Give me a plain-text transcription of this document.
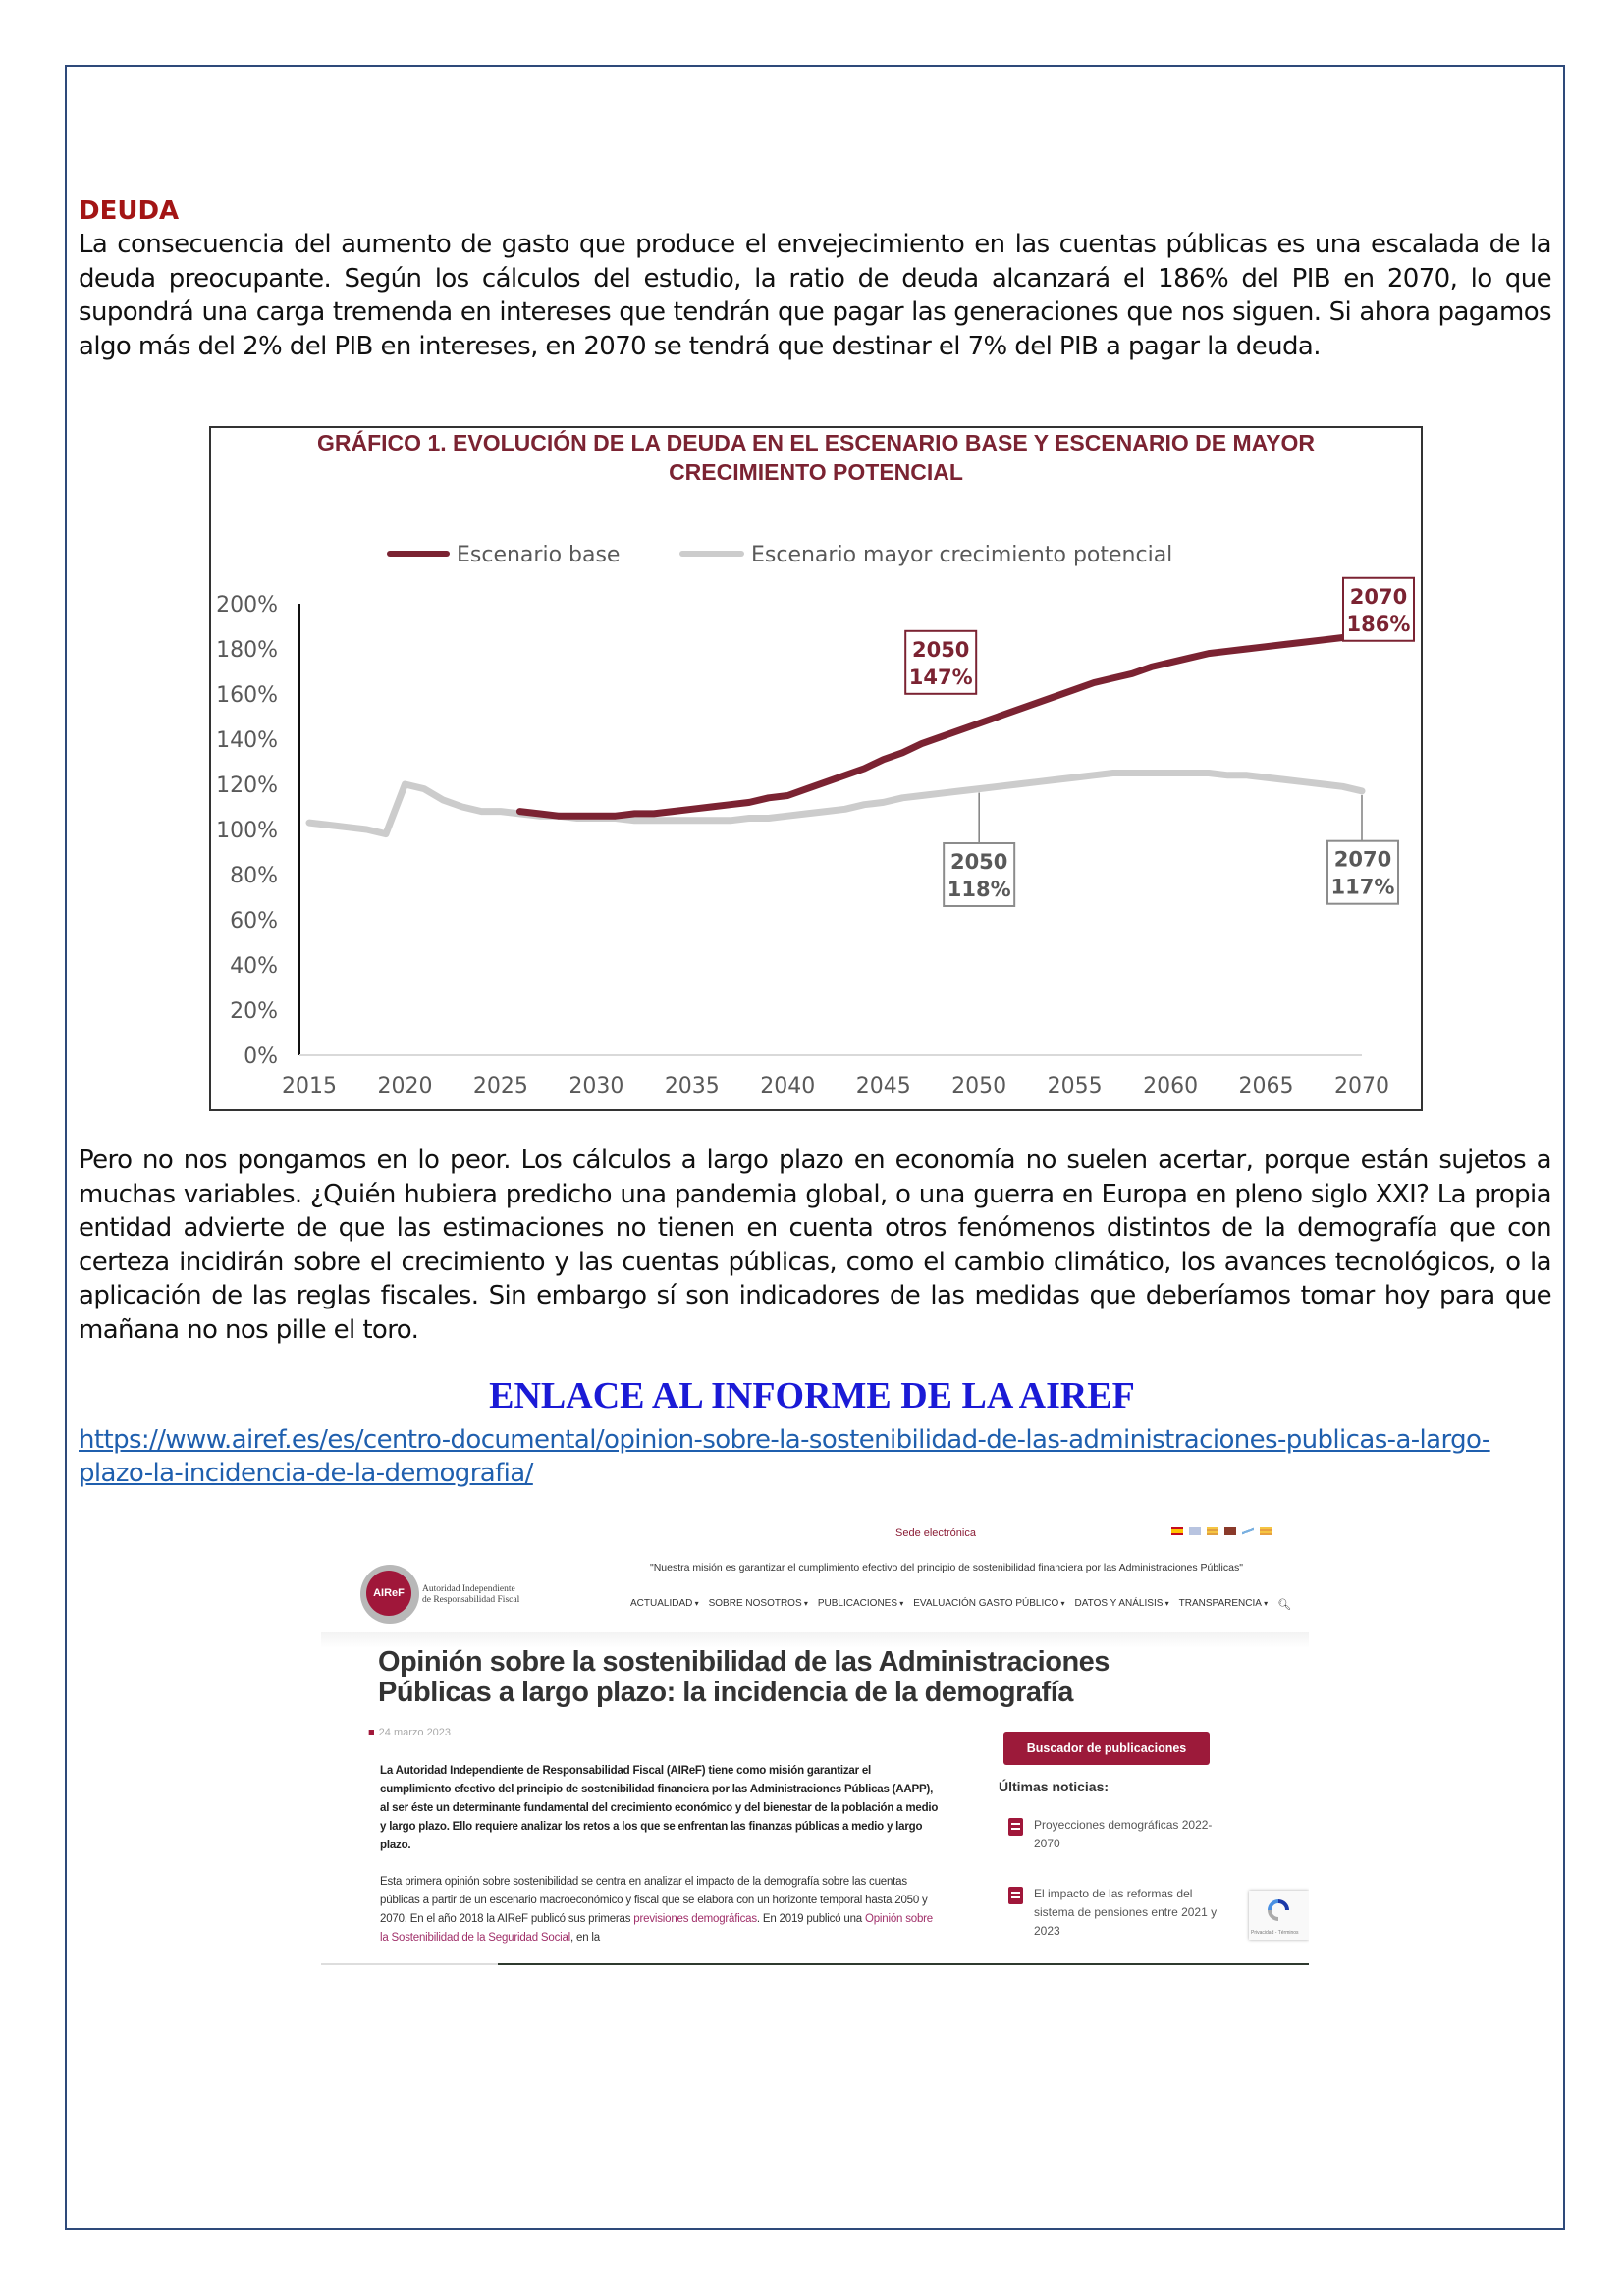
DEUDA
La consecuencia del aumento de gasto que produce el envejecimiento en las cuentas públicas es una escalada de la deuda preocupante. Según los cálculos del estudio, la ratio de deuda alcanzará el 186% del PIB en 2070, lo que supondrá una carga tremenda en intereses que tendrán que pagar las generaciones que nos siguen. Si ahora pagamos algo más del 2% del PIB en intereses, en 2070 se tendrá que destinar el 7% del PIB a pagar la deuda.
GRÁFICO 1. EVOLUCIÓN DE LA DEUDA EN EL ESCENARIO BASE Y ESCENARIO DE MAYOR CRECIMIENTO POTENCIAL
0%
20%
40%
60%
80%
100%
120%
140%
160%
180%
200%
2015 2020 2025 2030 2035 2040 2045 2050 2055 2060 2065 2070
Escenario base	Escenario mayor crecimiento potencial
2050
147%
2070
186%
2050
118%
2070
117%
Pero no nos pongamos en lo peor. Los cálculos a largo plazo en economía no suelen acertar, porque están sujetos a muchas variables. ¿Quién hubiera predicho una pandemia global, o una guerra en Europa en pleno siglo XXI? La propia entidad advierte de que las estimaciones no tienen en cuenta otros fenómenos distintos de la demografía que con certeza incidirán sobre el crecimiento y las cuentas públicas, como el cambio climático, los avances tecnológicos, o la aplicación de las reglas fiscales. Sin embargo sí son indicadores de las medidas que deberíamos tomar hoy para que mañana no nos pille el toro.
ENLACE AL INFORME DE LA AIREF
https://www.airef.es/es/centro-documental/opinion-sobre-la-sostenibilidad-de-las-administraciones-publicas-a-largo-plazo-la-incidencia-de-la-demografia/
Sede electrónica
"Nuestra misión es garantizar el cumplimiento efectivo del principio de sostenibilidad financiera por las Administraciones Públicas"
AIReF	Autoridad Independiente
de Responsabilidad Fiscal	ACTUALIDAD ▾	SOBRE NOSOTROS ▾	PUBLICACIONES ▾	EVALUACIÓN GASTO PÚBLICO ▾	DATOS Y ANÁLISIS ▾	TRANSPARENCIA ▾	🔍︎
Opinión sobre la sostenibilidad de las Administraciones
Públicas a largo plazo: la incidencia de la demografía
■ 24 marzo 2023
La Autoridad Independiente de Responsabilidad Fiscal (AIReF) tiene como misión garantizar el cumplimiento efectivo del principio de sostenibilidad financiera por las Administraciones Públicas (AAPP), al ser éste un determinante fundamental del crecimiento económico y del bienestar de la población a medio y largo plazo. Ello requiere analizar los retos a los que se enfrentan las finanzas públicas a medio y largo plazo.
Esta primera opinión sobre sostenibilidad se centra en analizar el impacto de la demografía sobre las cuentas públicas a partir de un escenario macroeconómico y fiscal que se elabora con un horizonte temporal hasta 2050 y 2070. En el año 2018 la AIReF publicó sus primeras previsiones demográficas. En 2019 publicó una Opinión sobre la Sostenibilidad de la Seguridad Social, en la
Buscador de publicaciones
Últimas noticias:
Proyecciones demográficas 2022-2070
El impacto de las reformas del sistema de pensiones entre 2021 y 2023	Privacidad - Términos
